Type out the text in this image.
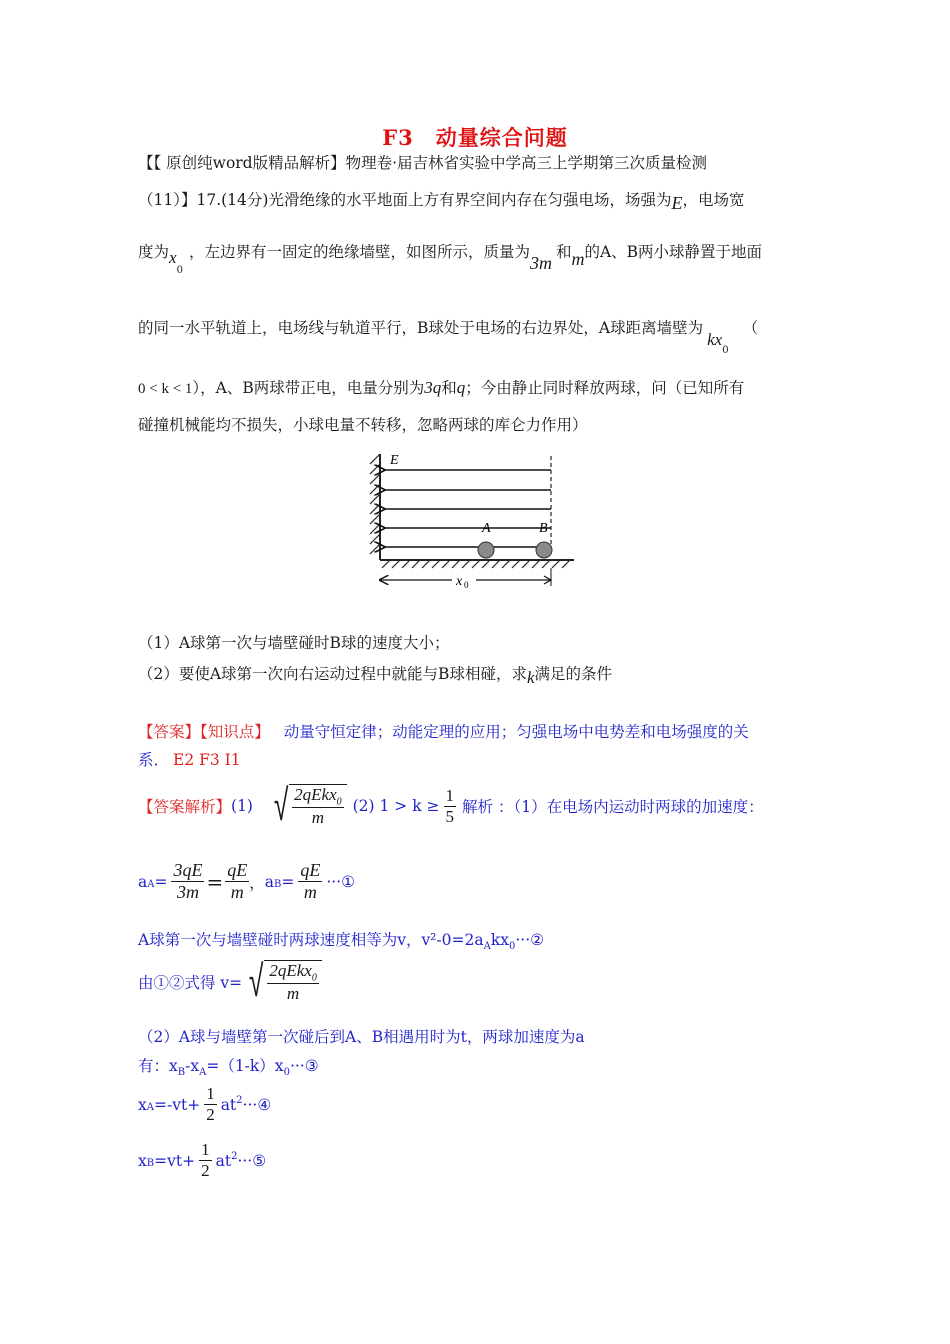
F3　动量综合问题
【【 原创纯word版精品解析】物理卷·届吉林省实验中学高三上学期第三次质量检测
（11）】17.(14分)光滑绝缘的水平地面上方有界空间内存在匀强电场，场强为E，电场宽
度为$x_0$，左边界有一固定的绝缘墙壁，如图所示，质量为3m和m的A、B两小球静置于地面
的同一水平轨道上，电场线与轨道平行，B球处于电场的右边界处，A球距离墙壁为$kx_0$（
0 < k < 1），A、B两球带正电，电量分别为3q和q；今由静止同时释放两球，问（已知所有
碰撞机械能均不损失，小球电量不转移，忽略两球的库仑力作用）
E
A	B
x 0
（1）A球第一次与墙壁碰时B球的速度大小；
（2）要使A球第一次向右运动过程中就能与B球相碰，求k满足的条件
【答案】【知识点】 动量守恒定律；动能定理的应用；匀强电场中电势差和电场强度的关
系． E2 F3 I1
【答案解析】 (1) √ $\frac{2qEkx_0}{m} (2) 1 > k \ge \frac{1}{5}$ 解析 ：（1）在电场内运动时两球的加速度：
a $A = \frac{3qE}{3m} = \frac{qE}{m}$ ， a $B = \frac{qE}{m}$ ···①
A球第一次与墙壁碰时两球速度相等为v，$v^2-0=2a_Akx_0\cdot\cdot\cdot ②$
由①②式得 v= √ $\frac{2qEkx_0}{m}$
（2）A球与墙壁第一次碰后到A、B相遇用时为t，两球加速度为a
有：$x_B-x_A=(1-k)x_0\cdot\cdot\cdot ③$
x $A =-vt+ \frac{1}{2} at^2$ ···④
x $B =vt+ \frac{1}{2} at^2$ ···⑤
